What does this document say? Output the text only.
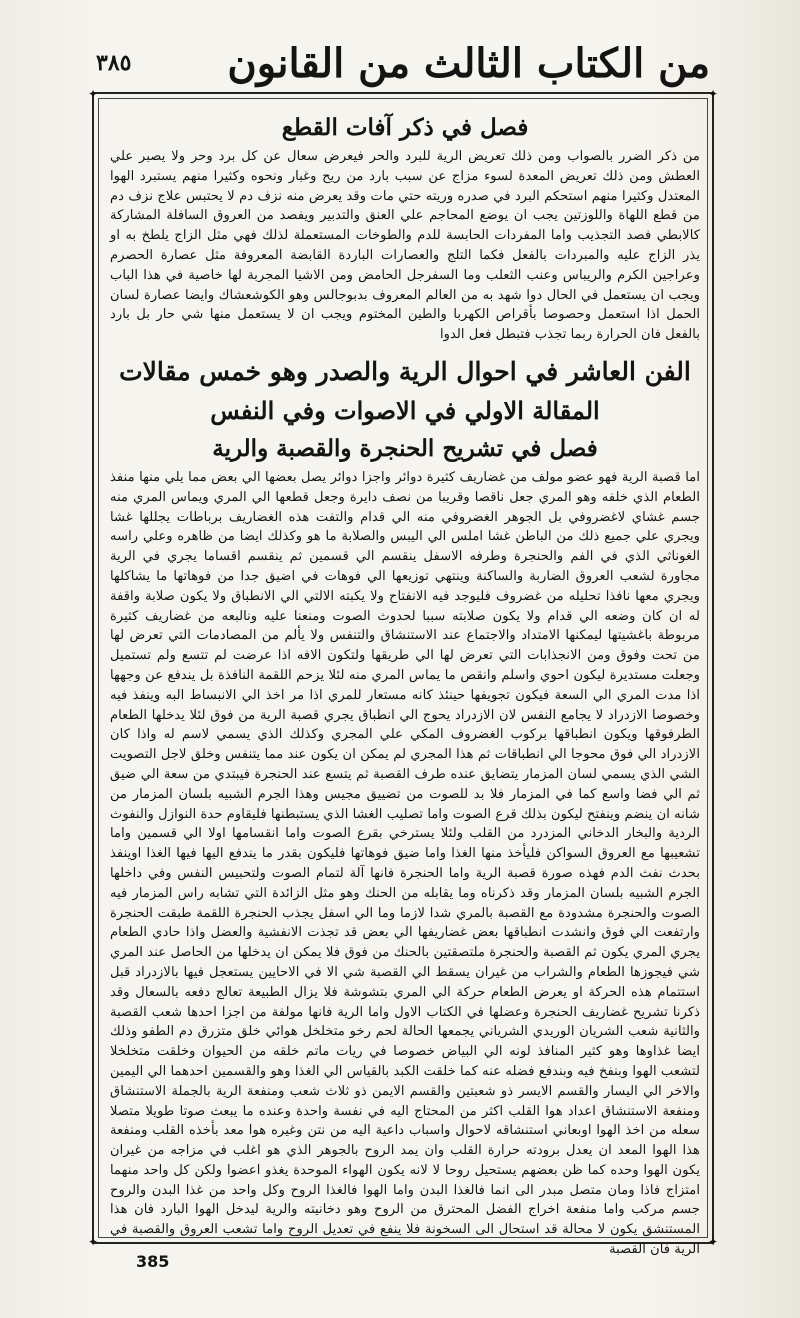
من الكتاب الثالث من القانون
٣٨٥
✦	✦
✦	✦
فصل في ذكر آفات القطع

من ذكر الضرر بالصواب ومن ذلك تعريض الرية للبرد والحر فيعرض سعال عن كل برد وحر ولا يصبر علي العطش ومن ذلك تعريض المعدة لسوء مزاج عن سبب بارد من ريح وغبار ونحوه وكثيرا منهم يستبرد الهوا المعتدل وكثيرا منهم استحكم البرد في صدره وريته حتي مات وقد يعرض منه نزف دم لا يحتبس علاج نزف دم من قطع اللهاة واللوزتين يجب ان يوضع المحاجم علي العنق والتدبير ويفصد من العروق السافلة المشاركة كالابطي فصد التجذيب واما المفردات الحابسة للدم والطوخات المستعملة لذلك فهي مثل الزاج يلطخ به او يذر الزاج عليه والمبردات بالفعل فكما التلج والعصارات الباردة القابضة المعروفة مثل عصارة الحصرم وعراجين الكرم والريباس وعنب الثعلب وما السفرجل الحامض ومن الاشيا المجربة لها خاصية في هذا الباب ويجب ان يستعمل في الحال دوا شهد به من العالم المعروف بدبوجالس وهو الكوشعشاك وايضا عصارة لسان الحمل اذا استعمل وحصوصا بأقراص الكهربا والطين المختوم ويجب ان لا يستعمل منها شي حار بل بارد بالفعل فان الحرارة ربما تجذب فتبطل فعل الدوا

الفن العاشر في احوال الرية والصدر وهو خمس مقالات
المقالة الاولي في الاصوات وفي النفس
فصل في تشريح الحنجرة والقصبة والرية

اما قصبة الرية فهو عضو مولف من غضاريف كثيرة دوائر واجزا دوائر يصل بعضها الي بعض مما يلي منها منفذ الطعام الذي خلفه وهو المري جعل ناقصا وقريبا من نصف دايرة وجعل قطعها الي المري ويماس المري منه جسم غشاي لاغضروفي بل الجوهر الغضروفي منه الي قدام والتفت هذه الغضاريف برباطات يجللها غشا ويجري علي جميع ذلك من الباطن غشا املس الي اليبس والصلابة ما هو وكذلك ايضا من ظاهره وعلي راسه الغوناثي الذي في الفم والحنجرة وطرفه الاسفل ينقسم الي قسمين ثم ينقسم اقساما يجري في الرية مجاورة لشعب العروق الضاربة والساكنة وينتهي توزيعها الي فوهات في اضيق جدا من فوهاتها ما يشاكلها ويجري معها نافذا تحليله من غضروف فليوجد فيه الانفتاح ولا يكبته الالتي الي الانطباق ولا يكون صلابة واقفة له ان كان وضعه الي قدام ولا يكون صلابته سببا لحدوث الصوت ومنعنا عليه ونالبعه من غضاريف كثيرة مربوطة باغشيتها ليمكنها الامتداد والاجتماع عند الاستنشاق والتنفس ولا يألم من المصادمات التي تعرض لها من تحت وفوق ومن الانجذابات التي تعرض لها الي طريقها ولتكون الافه اذا عرضت لم تتسع ولم تستميل وجعلت مستديرة ليكون احوي واسلم وانقص ما يماس المري منه لئلا يزحم اللقمة النافذة بل يندفع عن وجهها اذا مدت المري الي السعة فيكون تجويفها حينئذ كانه مستعار للمري اذا مر اخذ الي الانبساط البه وينفذ فيه وخصوصا الازدراد لا يجامع النفس لان الازدراد يحوج الي انطباق يجري قصبة الرية من فوق لئلا يدخلها الطعام الطرفوقها ويكون انطباقها بركوب الغضروف المكي علي المجري وكذلك الذي يسمي لاسم له واذا كان الازدراد الي فوق محوجا الي انطباقات ثم هذا المجري لم يمكن ان يكون عند مما يتنفس وخلق لاجل التصويت الشي الذي يسمي لسان المزمار يتضايق عنده طرف القصبة ثم يتسع عند الحنجرة فيبتدي من سعة الي ضيق ثم الي فضا واسع كما في المزمار فلا بد للصوت من تضييق مجيس وهذا الجرم الشبيه بلسان المزمار من شانه ان ينضم وينفتح ليكون بذلك قرع الصوت واما تصليب الغشا الذي يستبطنها فليقاوم حدة النوازل والنفوث الردية والبخار الدخاني المزدرد من القلب ولئلا يسترخي بقرع الصوت واما انقسامها اولا الي قسمين واما تشعيبها مع العروق السواكن فليأخذ منها الغذا واما ضيق فوهاتها فليكون بقدر ما يندفع اليها فيها الغذا اوينفذ بحدث نفث الدم فهذه صورة قصبة الرية واما الحنجرة فانها آلة لتمام الصوت ولتحبيس النفس وفي داخلها الجرم الشبيه بلسان المزمار وقد ذكرناه وما يقابله من الحنك وهو مثل الزائدة التي تشابه راس المزمار فيه الصوت والحنجرة مشدودة مع القصبة بالمري شدا لازما وما الي اسفل يجذب الحنجرة اللقمة طبقت الحنجرة وارتفعت الي فوق وانشدت انطباقها بعض غضاريفها الي بعض قد تجذت الانفشية والعضل واذا حادي الطعام يجري المري يكون ثم القصبة والحنجرة ملتصقتين بالحنك من فوق فلا يمكن ان يدخلها من الحاصل عند المري شي فيجوزها الطعام والشراب من غيران يسقط الي القصبة شي الا في الاحايين يستعجل فيها بالازدراد قبل استتمام هذه الحركة او يعرض الطعام حركة الي المري بتشوشة فلا يزال الطبيعة تعالج دفعه بالسعال وقد ذكرنا تشريح غضاريف الحنجرة وعضلها في الكتاب الاول واما الرية فانها مولفة من اجزا احدها شعب القصبة والثانية شعب الشريان الوريدي الشرياني يجمعها الحالة لحم رخو متخلخل هوائي خلق متزرق دم الطفو وذلك ايضا غذاوها وهو كثير المنافذ لونه الي البياض خصوصا في ريات ماتم خلقه من الحيوان وخلقت متخلخلا لتشعب الهوا وبنفخ فيه وبندفع فضله عنه كما خلقت الكبد بالقياس الي الغذا وهو والقسمين احدهما الي اليمين والاخر الي اليسار والقسم الايسر ذو شعبتين والقسم الايمن ذو ثلاث شعب ومنفعة الرية بالجملة الاستنشاق ومنفعة الاستنشاق اعداد هوا القلب اكثر من المحتاج اليه في نفسة واحدة وعنده ما يبعث صوتا طويلا متصلا سعله من اخذ الهوا اوبعاني استنشاقه لاحوال واسباب داعية اليه من نتن وغيره هوا معد بأخذه القلب ومنفعة هذا الهوا المعد ان يعدل برودته حرارة القلب وان يمد الروح بالجوهر الذي هو اغلب في مزاجه من غيران يكون الهوا وحده كما ظن بعضهم يستحيل روحا لا لانه يكون الهواء الموحدة يغذو اعضوا ولكن كل واحد منهما امتزاج فاذا ومان متصل مبدر الى انما فالغذا البدن واما الهوا فالغذا الروح وكل واحد من غذا البدن والروح جسم مركب واما منفعة اخراج الفضل المحترق من الروح وهو دخانيته والرية ليدخل الهوا البارد فان هذا المستنشق يكون لا محالة قد استحال الى السخونة فلا ينفع في تعديل الروح واما تشعب العروق والقصبة في الرية فان القصبة

385
